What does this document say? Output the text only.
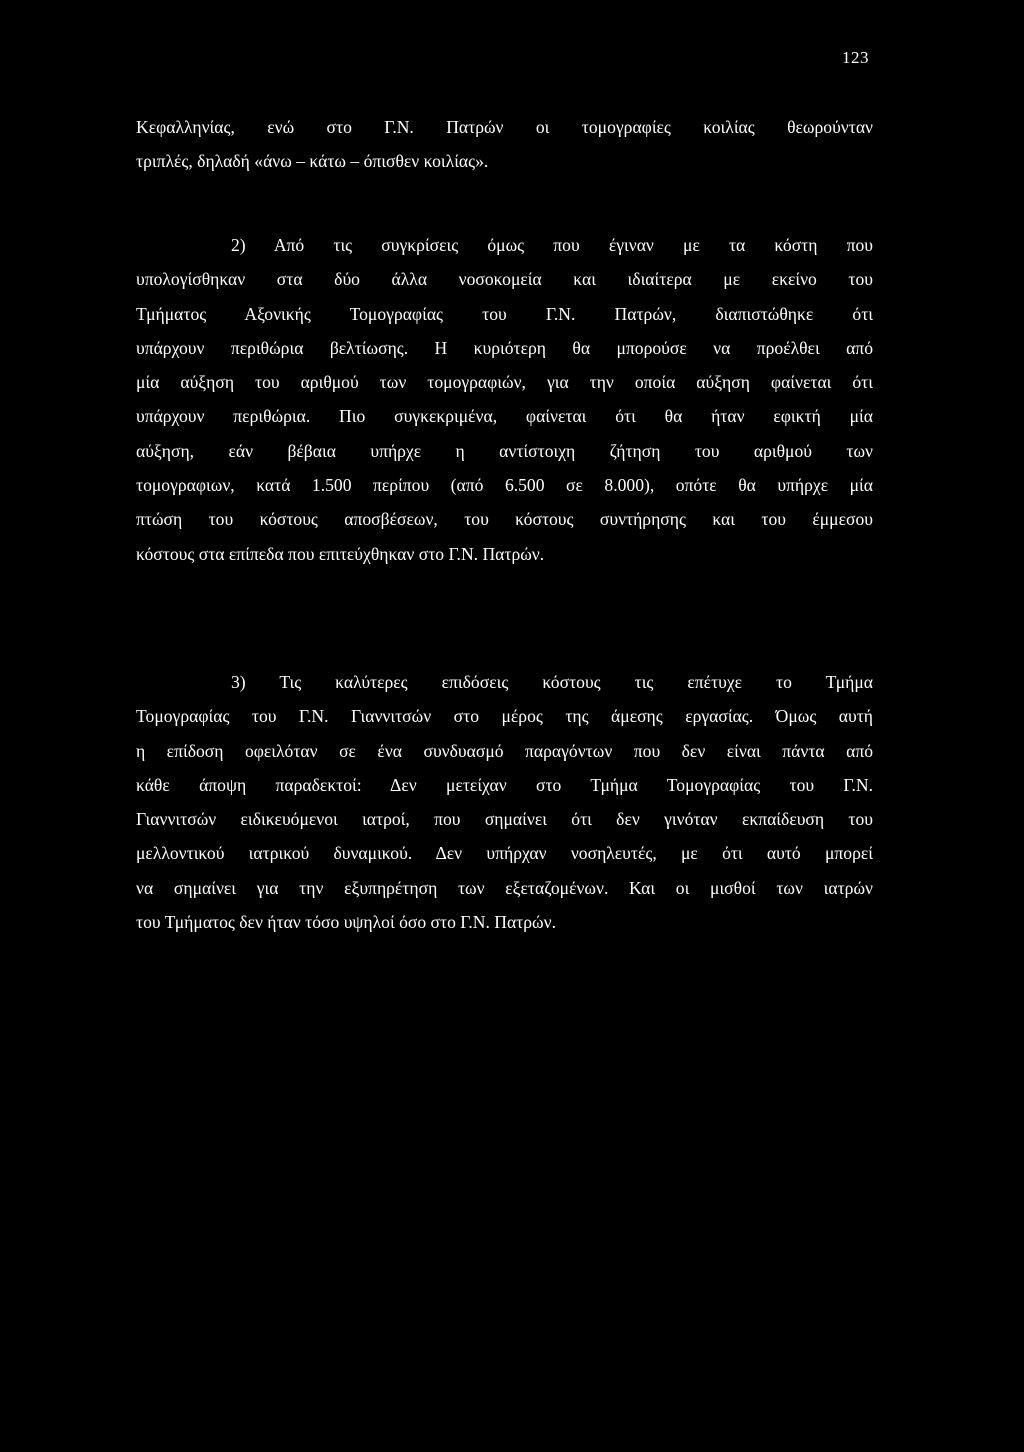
123
Κεφαλληνίας, ενώ στο Γ.Ν. Πατρών οι τομογραφίες κοιλίας θεωρούνταν
τριπλές, δηλαδή «άνω – κάτω – όπισθεν κοιλίας».
2) Από τις συγκρίσεις όμως που έγιναν με τα κόστη που
υπολογίσθηκαν στα δύο άλλα νοσοκομεία και ιδιαίτερα με εκείνο του
Τμήματος Αξονικής Τομογραφίας του Γ.Ν. Πατρών, διαπιστώθηκε ότι
υπάρχουν περιθώρια βελτίωσης. Η κυριότερη θα μπορούσε να προέλθει από
μία αύξηση του αριθμού των τομογραφιών, για την οποία αύξηση φαίνεται ότι
υπάρχουν περιθώρια. Πιο συγκεκριμένα, φαίνεται ότι θα ήταν εφικτή μία
αύξηση, εάν βέβαια υπήρχε η αντίστοιχη ζήτηση του αριθμού των
τομογραφιων, κατά 1.500 περίπου (από 6.500 σε 8.000), οπότε θα υπήρχε μία
πτώση του κόστους αποσβέσεων, του κόστους συντήρησης και του έμμεσου
κόστους στα επίπεδα που επιτεύχθηκαν στο Γ.Ν. Πατρών.
3) Τις καλύτερες επιδόσεις κόστους τις επέτυχε το Τμήμα
Τομογραφίας του Γ.Ν. Γιαννιτσών στο μέρος της άμεσης εργασίας. Όμως αυτή
η επίδοση οφειλόταν σε ένα συνδυασμό παραγόντων που δεν είναι πάντα από
κάθε άποψη παραδεκτοί: Δεν μετείχαν στο Τμήμα Τομογραφίας του Γ.Ν.
Γιαννιτσών ειδικευόμενοι ιατροί, που σημαίνει ότι δεν γινόταν εκπαίδευση του
μελλοντικού ιατρικού δυναμικού. Δεν υπήρχαν νοσηλευτές, με ότι αυτό μπορεί
να σημαίνει για την εξυπηρέτηση των εξεταζομένων. Και οι μισθοί των ιατρών
του Τμήματος δεν ήταν τόσο υψηλοί όσο στο Γ.Ν. Πατρών.
